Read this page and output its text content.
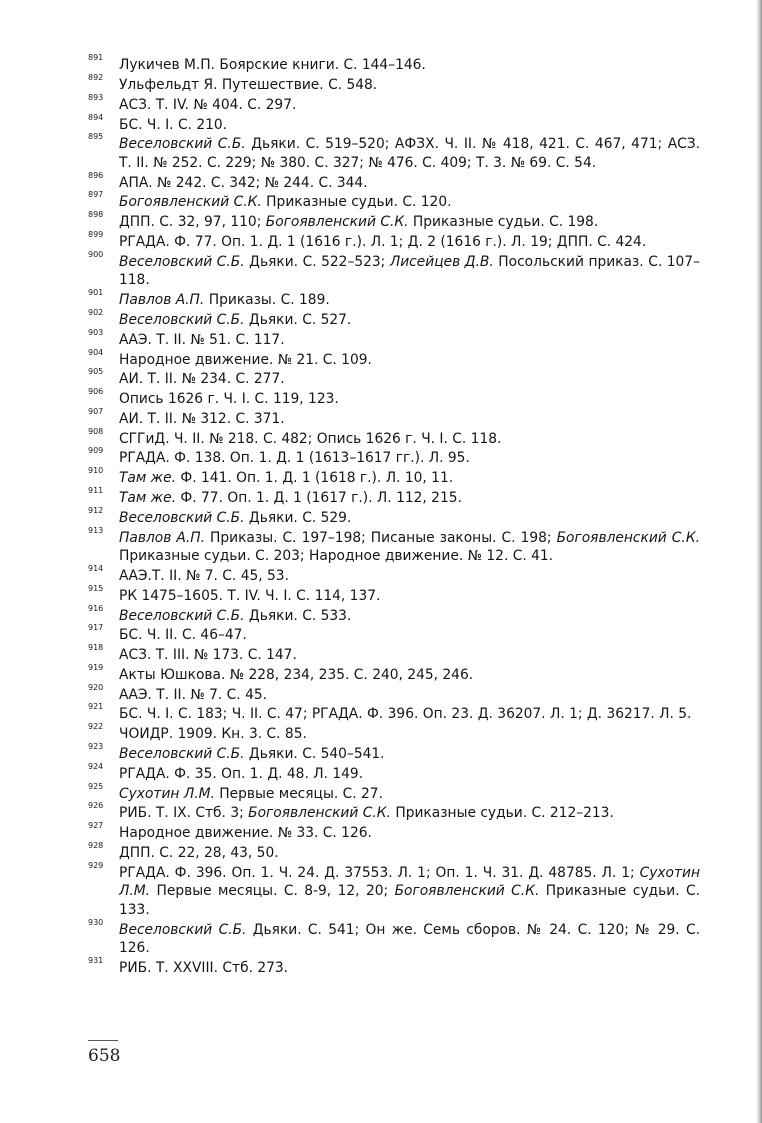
891 Лукичев М.П. Боярские книги. С. 144–146.
892 Ульфельдт Я. Путешествие. С. 548.
893 АСЗ. Т. IV. № 404. С. 297.
894 БС. Ч. I. С. 210.
895 Веселовский С.Б. Дьяки. С. 519–520; АФЗХ. Ч. II. № 418, 421. С. 467, 471; АСЗ. Т. II. № 252. С. 229; № 380. С. 327; № 476. С. 409; Т. 3. № 69. С. 54.
896 АПА. № 242. С. 342; № 244. С. 344.
897 Богоявленский С.К. Приказные судьи. С. 120.
898 ДПП. С. 32, 97, 110; Богоявленский С.К. Приказные судьи. С. 198.
899 РГАДА. Ф. 77. Оп. 1. Д. 1 (1616 г.). Л. 1; Д. 2 (1616 г.). Л. 19; ДПП. С. 424.
900 Веселовский С.Б. Дьяки. С. 522–523; Лисейцев Д.В. Посольский приказ. С. 107–118.
901 Павлов А.П. Приказы. С. 189.
902 Веселовский С.Б. Дьяки. С. 527.
903 ААЭ. Т. II. № 51. С. 117.
904 Народное движение. № 21. С. 109.
905 АИ. Т. II. № 234. С. 277.
906 Опись 1626 г. Ч. I. С. 119, 123.
907 АИ. Т. II. № 312. С. 371.
908 СГГиД. Ч. II. № 218. С. 482; Опись 1626 г. Ч. I. С. 118.
909 РГАДА. Ф. 138. Оп. 1. Д. 1 (1613–1617 гг.). Л. 95.
910 Там же. Ф. 141. Оп. 1. Д. 1 (1618 г.). Л. 10, 11.
911 Там же. Ф. 77. Оп. 1. Д. 1 (1617 г.). Л. 112, 215.
912 Веселовский С.Б. Дьяки. С. 529.
913 Павлов А.П. Приказы. С. 197–198; Писаные законы. С. 198; Богоявленский С.К. Приказные судьи. С. 203; Народное движение. № 12. С. 41.
914 ААЭ.Т. II. № 7. С. 45, 53.
915 РК 1475–1605. Т. IV. Ч. I. С. 114, 137.
916 Веселовский С.Б. Дьяки. С. 533.
917 БС. Ч. II. С. 46–47.
918 АСЗ. Т. III. № 173. С. 147.
919 Акты Юшкова. № 228, 234, 235. С. 240, 245, 246.
920 ААЭ. Т. II. № 7. С. 45.
921 БС. Ч. I. С. 183; Ч. II. С. 47; РГАДА. Ф. 396. Оп. 23. Д. 36207. Л. 1; Д. 36217. Л. 5.
922 ЧОИДР. 1909. Кн. 3. С. 85.
923 Веселовский С.Б. Дьяки. С. 540–541.
924 РГАДА. Ф. 35. Оп. 1. Д. 48. Л. 149.
925 Сухотин Л.М. Первые месяцы. С. 27.
926 РИБ. Т. IX. Стб. 3; Богоявленский С.К. Приказные судьи. С. 212–213.
927 Народное движение. № 33. С. 126.
928 ДПП. С. 22, 28, 43, 50.
929 РГАДА. Ф. 396. Оп. 1. Ч. 24. Д. 37553. Л. 1; Оп. 1. Ч. 31. Д. 48785. Л. 1; Сухотин Л.М. Первые месяцы. С. 8-9, 12, 20; Богоявленский С.К. Приказные судьи. С. 133.
930 Веселовский С.Б. Дьяки. С. 541; Он же. Семь сборов. № 24. С. 120; № 29. С. 126.
931 РИБ. Т. XXVIII. Стб. 273.
658
